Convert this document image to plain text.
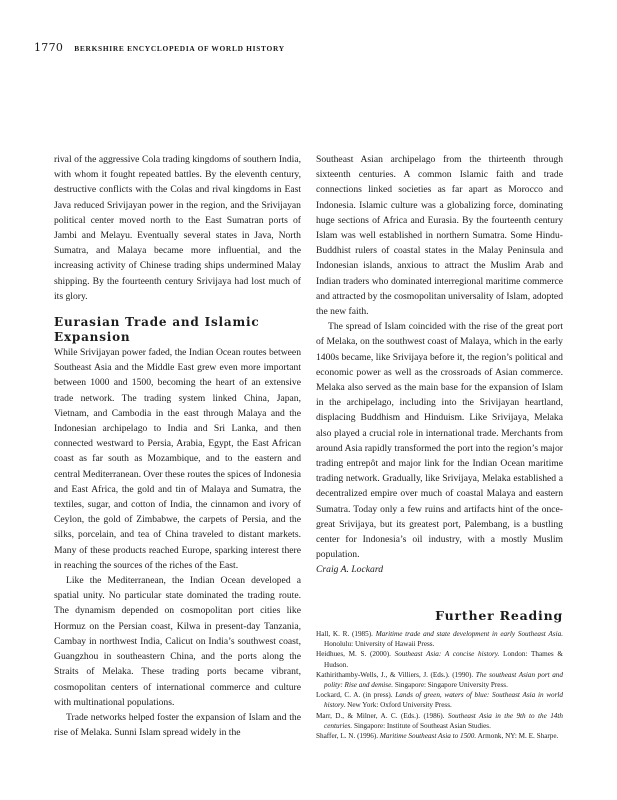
1770 BERKSHIRE ENCYCLOPEDIA OF WORLD HISTORY

rival of the aggressive Cola trading kingdoms of southern India, with whom it fought repeated battles. By the eleventh century, destructive conflicts with the Colas and rival kingdoms in East Java reduced Srivijayan power in the region, and the Srivijayan political center moved north to the East Sumatran ports of Jambi and Melayu. Eventually several states in Java, North Sumatra, and Malaya became more influential, and the increasing activity of Chinese trading ships undermined Malay shipping. By the fourteenth century Srivijaya had lost much of its glory.

Eurasian Trade and Islamic Expansion

While Srivijayan power faded, the Indian Ocean routes between Southeast Asia and the Middle East grew even more important between 1000 and 1500, becoming the heart of an extensive trade network. The trading system linked China, Japan, Vietnam, and Cambodia in the east through Malaya and the Indonesian archipelago to India and Sri Lanka, and then connected westward to Persia, Arabia, Egypt, the East African coast as far south as Mozambique, and to the eastern and central Mediterranean. Over these routes the spices of Indonesia and East Africa, the gold and tin of Malaya and Sumatra, the textiles, sugar, and cotton of India, the cinnamon and ivory of Ceylon, the gold of Zimbabwe, the carpets of Persia, and the silks, porcelain, and tea of China traveled to distant markets. Many of these products reached Europe, sparking interest there in reaching the sources of the riches of the East.

Like the Mediterranean, the Indian Ocean developed a spatial unity. No particular state dominated the trading route. The dynamism depended on cosmopolitan port cities like Hormuz on the Persian coast, Kilwa in present-day Tanzania, Cambay in northwest India, Calicut on India’s southwest coast, Guangzhou in southeastern China, and the ports along the Straits of Melaka. These trading ports became vibrant, cosmopolitan centers of international commerce and culture with multinational populations.

Trade networks helped foster the expansion of Islam and the rise of Melaka. Sunni Islam spread widely in the

Southeast Asian archipelago from the thirteenth through sixteenth centuries. A common Islamic faith and trade connections linked societies as far apart as Morocco and Indonesia. Islamic culture was a globalizing force, dominating huge sections of Africa and Eurasia. By the fourteenth century Islam was well established in northern Sumatra. Some Hindu-Buddhist rulers of coastal states in the Malay Peninsula and Indonesian islands, anxious to attract the Muslim Arab and Indian traders who dominated interregional maritime commerce and attracted by the cosmopolitan universality of Islam, adopted the new faith.

The spread of Islam coincided with the rise of the great port of Melaka, on the southwest coast of Malaya, which in the early 1400s became, like Srivijaya before it, the region’s political and economic power as well as the crossroads of Asian commerce. Melaka also served as the main base for the expansion of Islam in the archipelago, including into the Srivijayan heartland, displacing Buddhism and Hinduism. Like Srivijaya, Melaka also played a crucial role in international trade. Merchants from around Asia rapidly transformed the port into the region’s major trading entrepôt and major link for the Indian Ocean maritime trading network. Gradually, like Srivijaya, Melaka established a decentralized empire over much of coastal Malaya and eastern Sumatra. Today only a few ruins and artifacts hint of the once-great Srivijaya, but its greatest port, Palembang, is a bustling center for Indonesia’s oil industry, with a mostly Muslim population.

Craig A. Lockard

Further Reading

Hall, K. R. (1985). Maritime trade and state development in early Southeast Asia. Honolulu: University of Hawaii Press.

Heidhues, M. S. (2000). Southeast Asia: A concise history. London: Thames & Hudson.

Kathirithamby-Wells, J., & Villiers, J. (Eds.). (1990). The southeast Asian port and polity: Rise and demise. Singapore: Singapore University Press.

Lockard, C. A. (in press). Lands of green, waters of blue: Southeast Asia in world history. New York: Oxford University Press.

Marr, D., & Milner, A. C. (Eds.). (1986). Southeast Asia in the 9th to the 14th centuries. Singapore: Institute of Southeast Asian Studies.

Shaffer, L. N. (1996). Maritime Southeast Asia to 1500. Armonk, NY: M. E. Sharpe.
